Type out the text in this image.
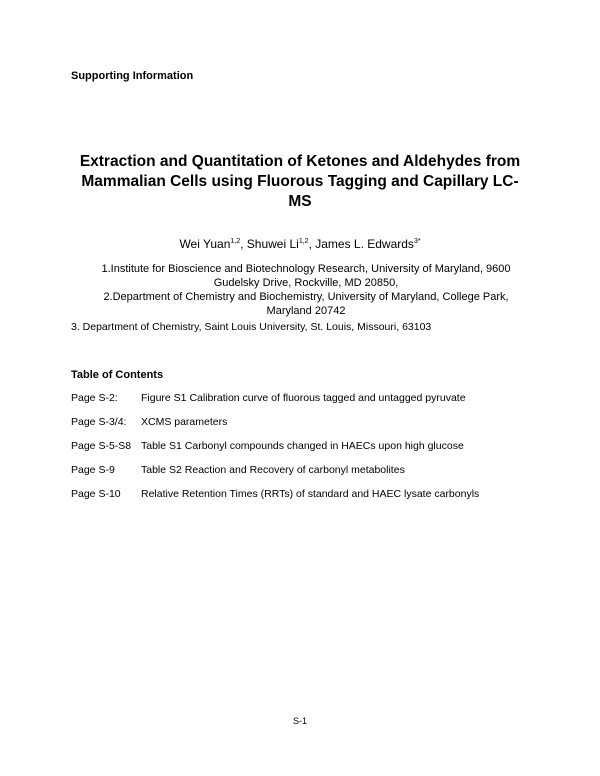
Supporting Information
Extraction and Quantitation of Ketones and Aldehydes from
Mammalian Cells using Fluorous Tagging and Capillary LC-
MS
Wei Yuan$^{1,2}$, Shuwei Li$^{1,2}$, James L. Edwards$^{3*}$
1.Institute for Bioscience and Biotechnology Research, University of Maryland, 9600
Gudelsky Drive, Rockville, MD 20850,
2.Department of Chemistry and Biochemistry, University of Maryland, College Park,
Maryland 20742
3. Department of Chemistry, Saint Louis University, St. Louis, Missouri, 63103
Table of Contents
Page S-2: Figure S1 Calibration curve of fluorous tagged and untagged pyruvate
Page S-3/4: XCMS parameters
Page S-5-S8 Table S1 Carbonyl compounds changed in HAECs upon high glucose
Page S-9 Table S2 Reaction and Recovery of carbonyl metabolites
Page S-10 Relative Retention Times (RRTs) of standard and HAEC lysate carbonyls
S-1
